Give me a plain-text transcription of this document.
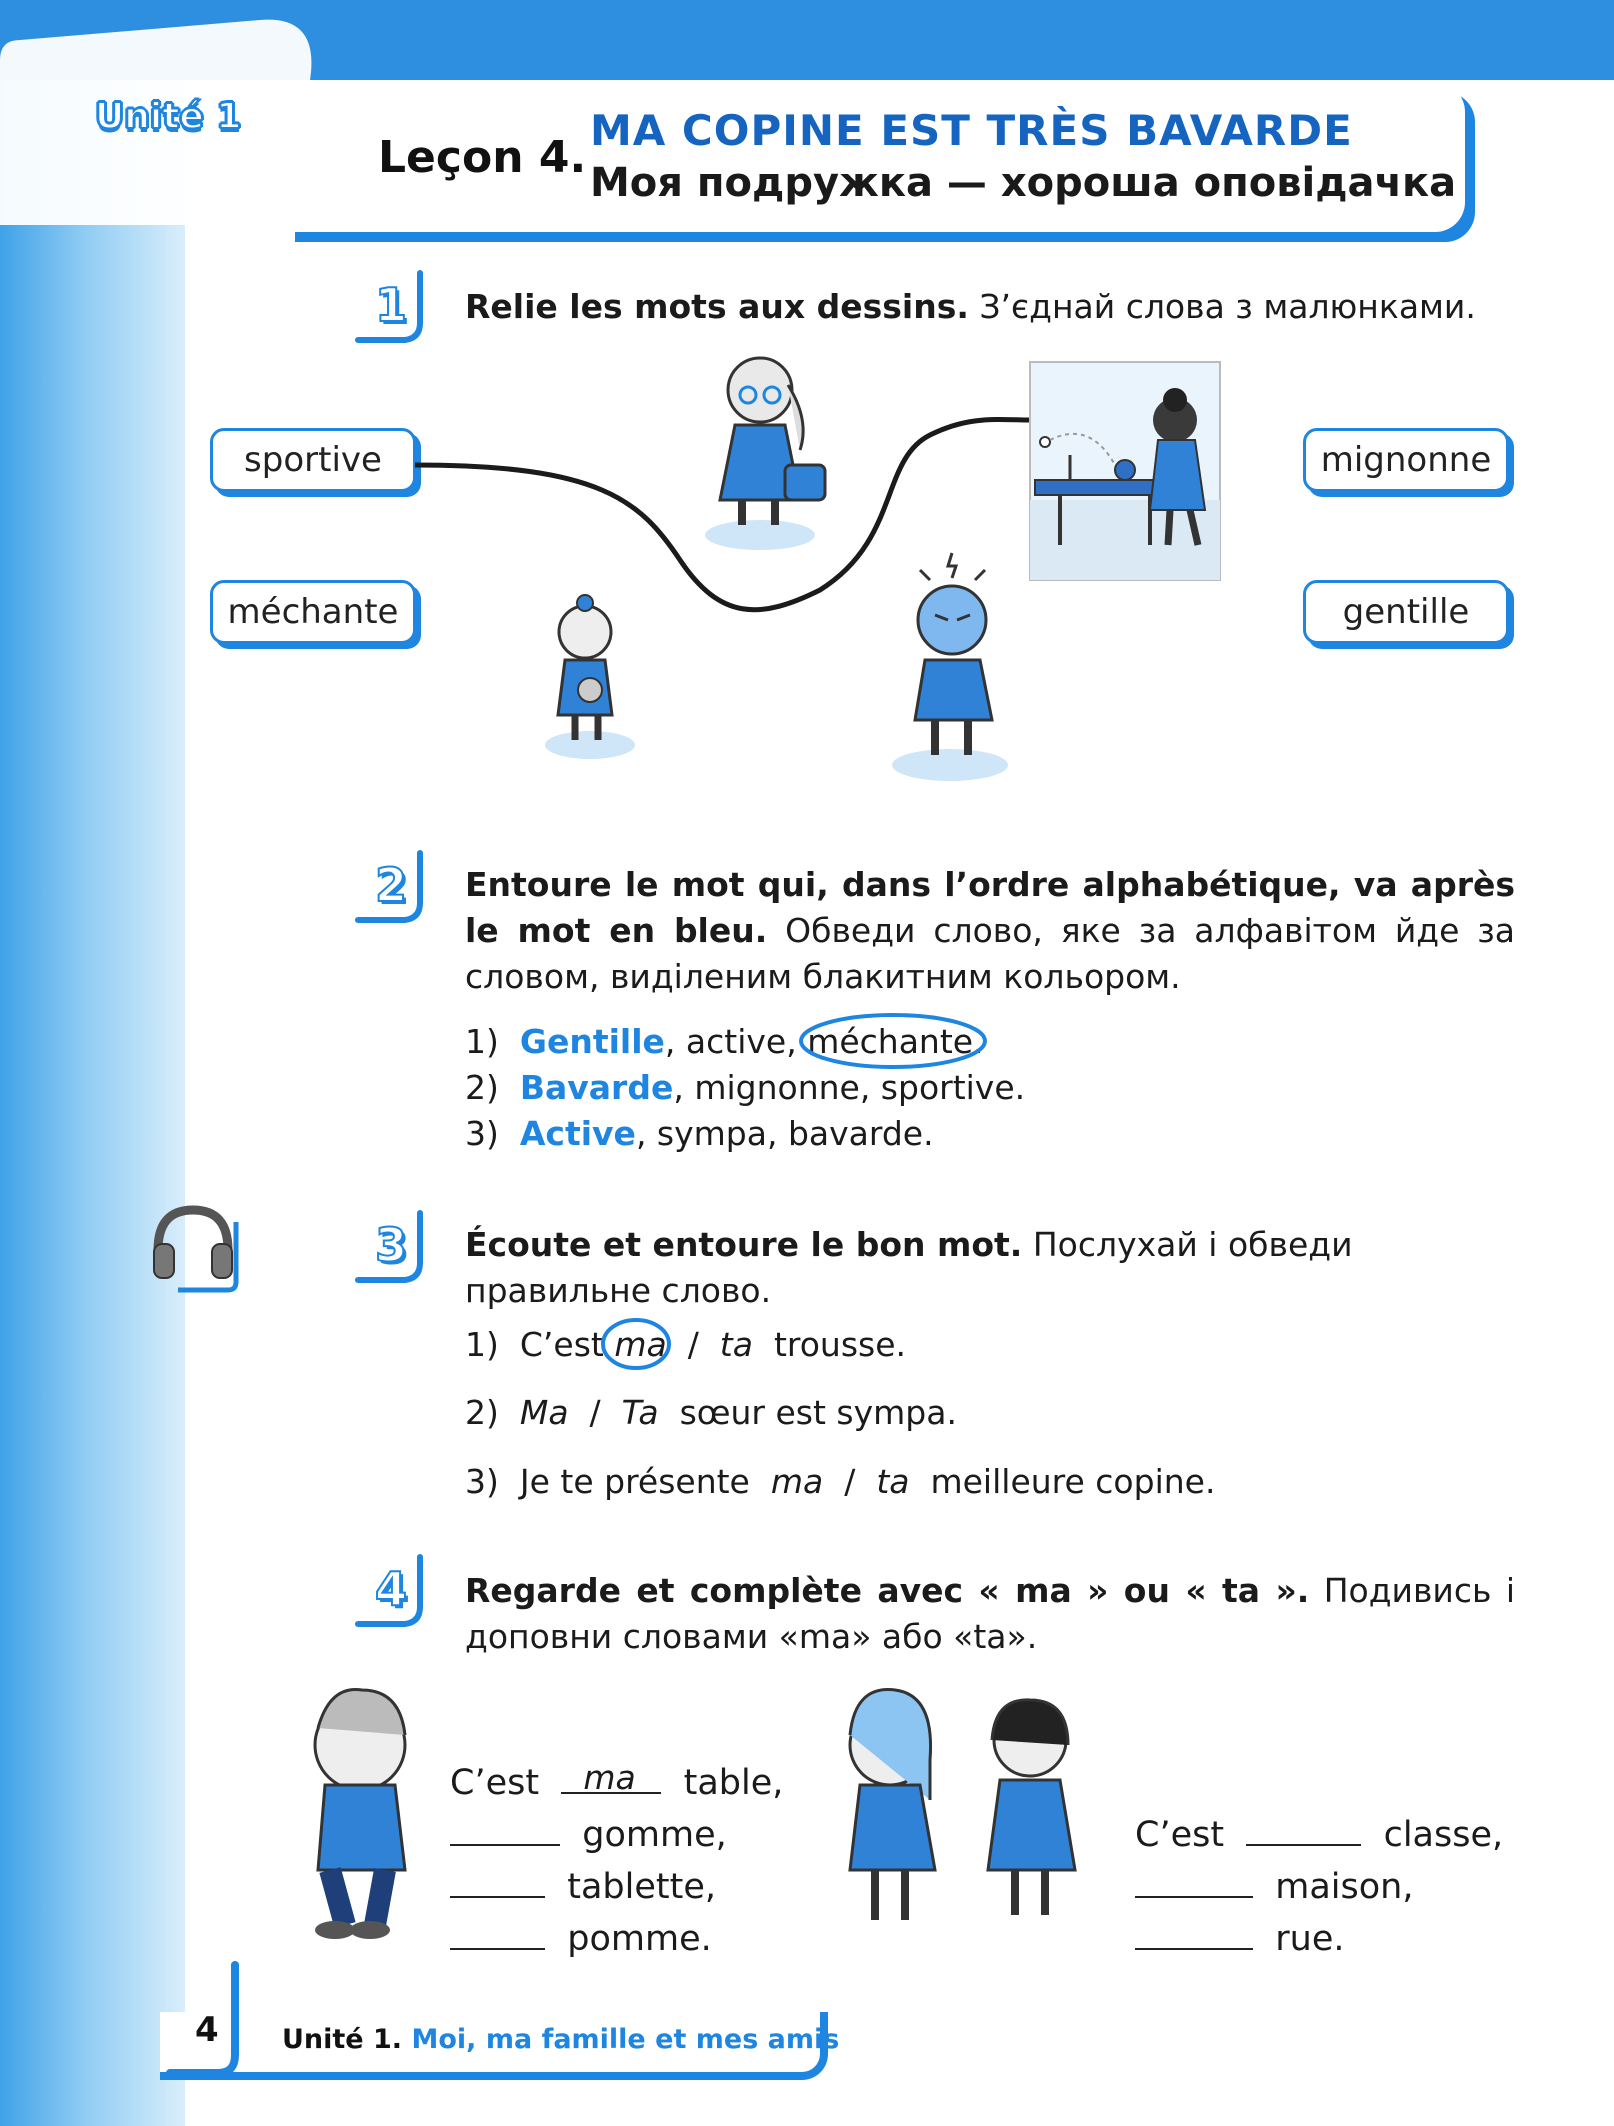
Unité 1
Leçon 4.
MA COPINE EST TRÈS BAVARDE
Моя подружка — хороша оповідачка
1 Relie les mots aux dessins. З’єднай слова з малюнками.
sportive
méchante
mignonne
gentille
2 Entoure le mot qui, dans l’ordre alphabétique, va après le mot en bleu. Обведи слово, яке за алфавітом йде за словом, виділеним блакитним кольором.
1) Gentille, active, méchante.
2) Bavarde, mignonne, sportive.
3) Active, sympa, bavarde.
3 Écoute et entoure le bon mot. Послухай і обведи правильне слово.
1) C’est ma / ta trousse.
2) Ma / Ta sœur est sympa.
3) Je te présente ma / ta meilleure copine.
4 Regarde et complète avec « ma » ou « ta ». Подивись і доповни словами «ma» або «ta».
C’est ma table,
gomme,
tablette,
pomme.
C’est	classe,
maison,
rue.
4 Unité 1. Moi, ma famille et mes amis
